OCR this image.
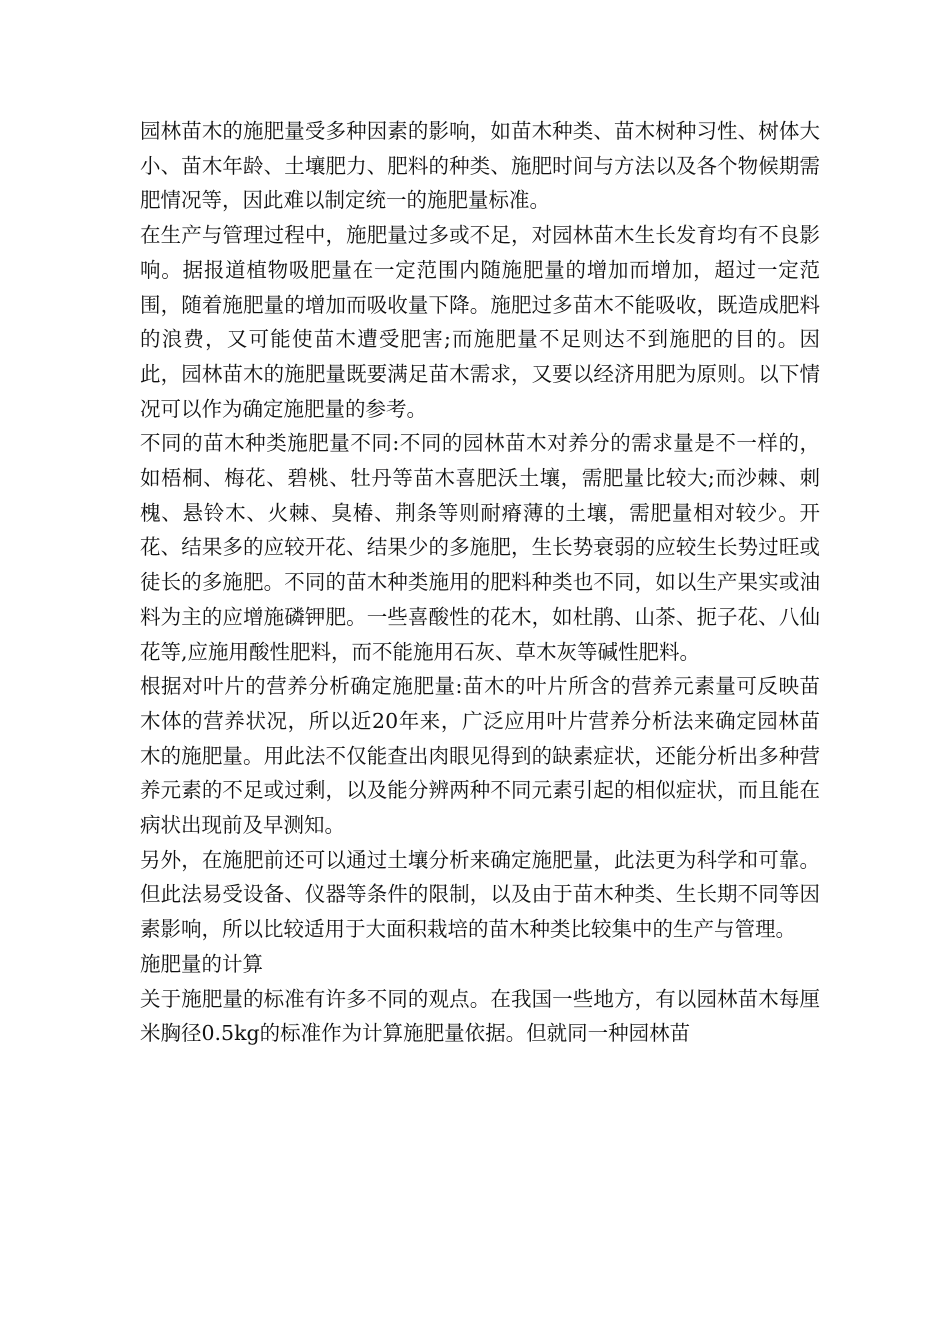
园林苗木的施肥量受多种因素的影响，如苗木种类、苗木树种习性、树体大小、苗木年龄、土壤肥力、肥料的种类、施肥时间与方法以及各个物候期需肥情况等，因此难以制定统一的施肥量标准。

在生产与管理过程中，施肥量过多或不足，对园林苗木生长发育均有不良影响。据报道植物吸肥量在一定范围内随施肥量的增加而增加，超过一定范围，随着施肥量的增加而吸收量下降。施肥过多苗木不能吸收，既造成肥料的浪费，又可能使苗木遭受肥害;而施肥量不足则达不到施肥的目的。因此，园林苗木的施肥量既要满足苗木需求，又要以经济用肥为原则。以下情况可以作为确定施肥量的参考。

不同的苗木种类施肥量不同:不同的园林苗木对养分的需求量是不一样的，如梧桐、梅花、碧桃、牡丹等苗木喜肥沃土壤，需肥量比较大;而沙棘、刺槐、悬铃木、火棘、臭椿、荆条等则耐瘠薄的土壤，需肥量相对较少。开花、结果多的应较开花、结果少的多施肥，生长势衰弱的应较生长势过旺或徒长的多施肥。不同的苗木种类施用的肥料种类也不同，如以生产果实或油料为主的应增施磷钾肥。一些喜酸性的花木，如杜鹃、山茶、扼子花、八仙花等,应施用酸性肥料，而不能施用石灰、草木灰等碱性肥料。

根据对叶片的营养分析确定施肥量:苗木的叶片所含的营养元素量可反映苗木体的营养状况，所以近20年来，广泛应用叶片营养分析法来确定园林苗木的施肥量。用此法不仅能查出肉眼见得到的缺素症状，还能分析出多种营养元素的不足或过剩，以及能分辨两种不同元素引起的相似症状，而且能在病状出现前及早测知。

另外，在施肥前还可以通过土壤分析来确定施肥量，此法更为科学和可靠。但此法易受设备、仪器等条件的限制，以及由于苗木种类、生长期不同等因素影响，所以比较适用于大面积栽培的苗木种类比较集中的生产与管理。

施肥量的计算

关于施肥量的标准有许多不同的观点。在我国一些地方，有以园林苗木每厘米胸径0.5kg的标准作为计算施肥量依据。但就同一种园林苗
